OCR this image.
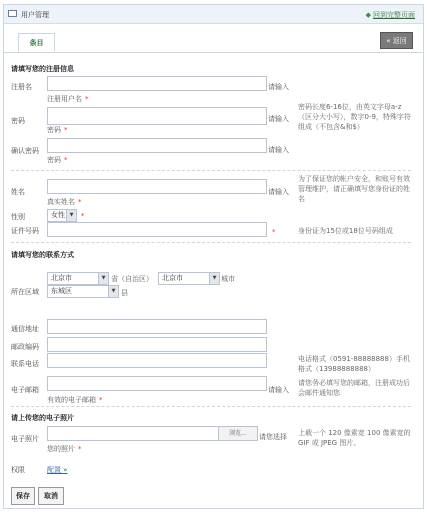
用户管理	◆ 回到完整页面
条目	« 返回
请填写您的注册信息
注册名	请输入
注册用户名 *
密码	请输入
密码 *
密码长度6-16位，由英文字母a-z（区分大小写），数字0-9，特殊字符组成（不包含&和$）
确认密码	请输入
密码 *
姓名	请输入
真实姓名 *
为了保证您的帐户安全，和账号有效管理维护，请正确填写您身份证的姓名
性别	女性 ▼	*
证件号码	*	身份证为15位或18位号码组成
请填写您的联系方式
北京市	▼ 省（自治区）	北京市	▼ 城市
所在区域	东城区	▼ 县
通信地址
邮政编码
联系电话
电话格式（0591-88888888）手机格式（13988888888）
电子邮箱	请输入
有效的电子邮箱 *
请您务必填写您的邮箱，注册成功后会邮件通知您
请上传您的电子照片
电子照片
浏览...	请您选择
您的照片 *
上载一个 120 像素宽 100 像素宽的 GIF 或 JPEG 图片。
权限	配置 »
保存	取消
